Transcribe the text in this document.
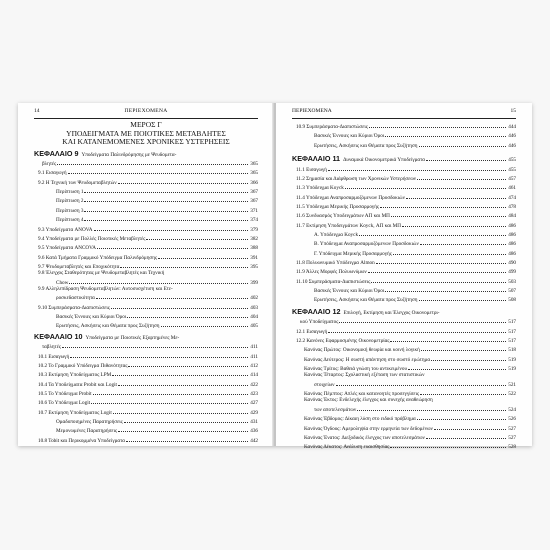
14	ΠΕΡΙΕΧΟΜΕΝΑ
ΜΕΡΟΣ Γ
ΥΠΟΔΕΙΓΜΑΤΑ ΜΕ ΠΟΙΟΤΙΚΕΣ ΜΕΤΑΒΛΗΤΕΣ
ΚΑΙ ΚΑΤΑΝΕΜΟΜΕΝΕΣ ΧΡΟΝΙΚΕΣ ΥΣΤΕΡΗΣΕΙΣ
ΚΕΦΑΛΑΙΟ 9 Υποδείγματα Παλινδρόμησης με Ψευδομετα-
βλητές	365
9.1 Εισαγωγή	365
9.2 Η Τεχνική των Ψευδομεταβλητών	366
Περίπτωση 1	367
Περίπτωση 2	367
Περίπτωση 3	371
Περίπτωση 4	374
9.3 Υποδείγματα ANOVA	379
9.4 Υποδείγματα με Πολλές Ποιοτικές Μεταβλητές	382
9.5 Υποδείγματα ANCOVA	388
9.6 Κατά Τμήματα Γραμμικό Υπόδειγμα Παλινδρόμησης	391
9.7 Ψευδομεταβλητές και Εποχικότητα	395
9.8 Έλεγχος Σταθερότητας με Ψευδομεταβλητές και Τεχνική
Chow	399
9.9 Αλληλεπίδραση Ψευδομεταβλητών: Αυτοσυσχέτιση και Ετε-
ροσκεδαστικότητα	402
9.10 Συμπεράσματα-Διαπιστώσεις	403
Βασικές Έννοιες και Κύριοι Όροι	404
Ερωτήσεις, Ασκήσεις και Θέματα προς Συζήτηση	405
ΚΕΦΑΛΑΙΟ 10 Υποδείγματα με Ποιοτικές Εξαρτημένες Με-
ταβλητές	411
10.1 Εισαγωγή	411
10.2 Το Γραμμικό Υπόδειγμα Πιθανότητας	412
10.3 Εκτίμηση Υποδείγματος LPM	414
10.4 Τα Υποδείγματα Probit και Logit	422
10.5 Το Υπόδειγμα Probit	423
10.6 Το Υπόδειγμα Logit	427
10.7 Εκτίμηση Υποδείγματος Logit	429
Ομαδοποιημένες Παρατηρήσεις	431
Μεμονωμένες Παρατηρήσεις	436
10.8 Tobit και Περικομμένα Υποδείγματα	442
ΠΕΡΙΕΧΟΜΕΝΑ	15
10.9 Συμπεράσματα-Διαπιστώσεις	444
Βασικές Έννοιες και Κύριοι Όροι	446
Ερωτήσεις, Ασκήσεις και Θέματα προς Συζήτηση	446
ΚΕΦΑΛΑΙΟ 11 Δυναμικά Οικονομετρικά Υποδείγματα	455
11.1 Εισαγωγή	455
11.2 Σημασία και Διάρθρωση των Χρονικών Υστερήσεων	457
11.3 Υπόδειγμα Koyck	461
11.4 Υπόδειγμα Αναπροσαρμοζόμενων Προσδοκιών	474
11.5 Υπόδειγμα Μερικής Προσαρμογής	478
11.6 Συνδυασμός Υποδειγμάτων ΑΠ και ΜΠ	484
11.7 Εκτίμηση Υποδειγμάτων Koyck, ΑΠ και ΜΠ	486
Α. Υπόδειγμα Koyck	486
Β. Υπόδειγμα Αναπροσαρμοζόμενων Προσδοκιών	486
Γ. Υπόδειγμα Μερικής Προσαρμογής	486
11.8 Πολυωνυμικό Υπόδειγμα Almon	490
11.9 Άλλες Μορφές Πολυωνύμων	499
11.10 Συμπεράσματα-Διαπιστώσεις	503
Βασικές Έννοιες και Κύριοι Όροι	507
Ερωτήσεις, Ασκήσεις και Θέματα προς Συζήτηση	508
ΚΕΦΑΛΑΙΟ 12 Επιλογή, Εκτίμηση και Έλεγχος Οικονομετρι-
κού Υποδείγματος	517
12.1 Εισαγωγή	517
12.2 Κανόνες Εφαρμοσμένης Οικονομετρίας	517
Κανόνας Πρώτος: Οικονομική θεωρία και κοινή λογική	518
Κανόνας Δεύτερος: Η σωστή απάντηση στο σωστό ερώτημα	519
Κανόνας Τρίτος: Βαθειά γνώση του αντικειμένου	519
Κανόνας Τέταρτος: Σχολαστική εξέταση των στατιστικών
στοιχείων	521
Κανόνας Πέμπτος: Απλές και κατανοητές προσεγγίσεις	522
Κανόνας Έκτος: Ενδελεχής έλεγχος και συνεχής αναθεώρηση
των αποτελεσμάτων	524
Κανόνας Έβδομος: Δίκαιη λύση στο ειδικό πρόβλημα	526
Κανόνας Όγδοος: Αμεροληψία στην ερμηνεία των δεδομένων	527
Κανόνας Ένατος: Διεξοδικός έλεγχος των αποτελεσμάτων	527
Κανόνας Δέκατος: Ανάλυση ευαισθησίας	528
